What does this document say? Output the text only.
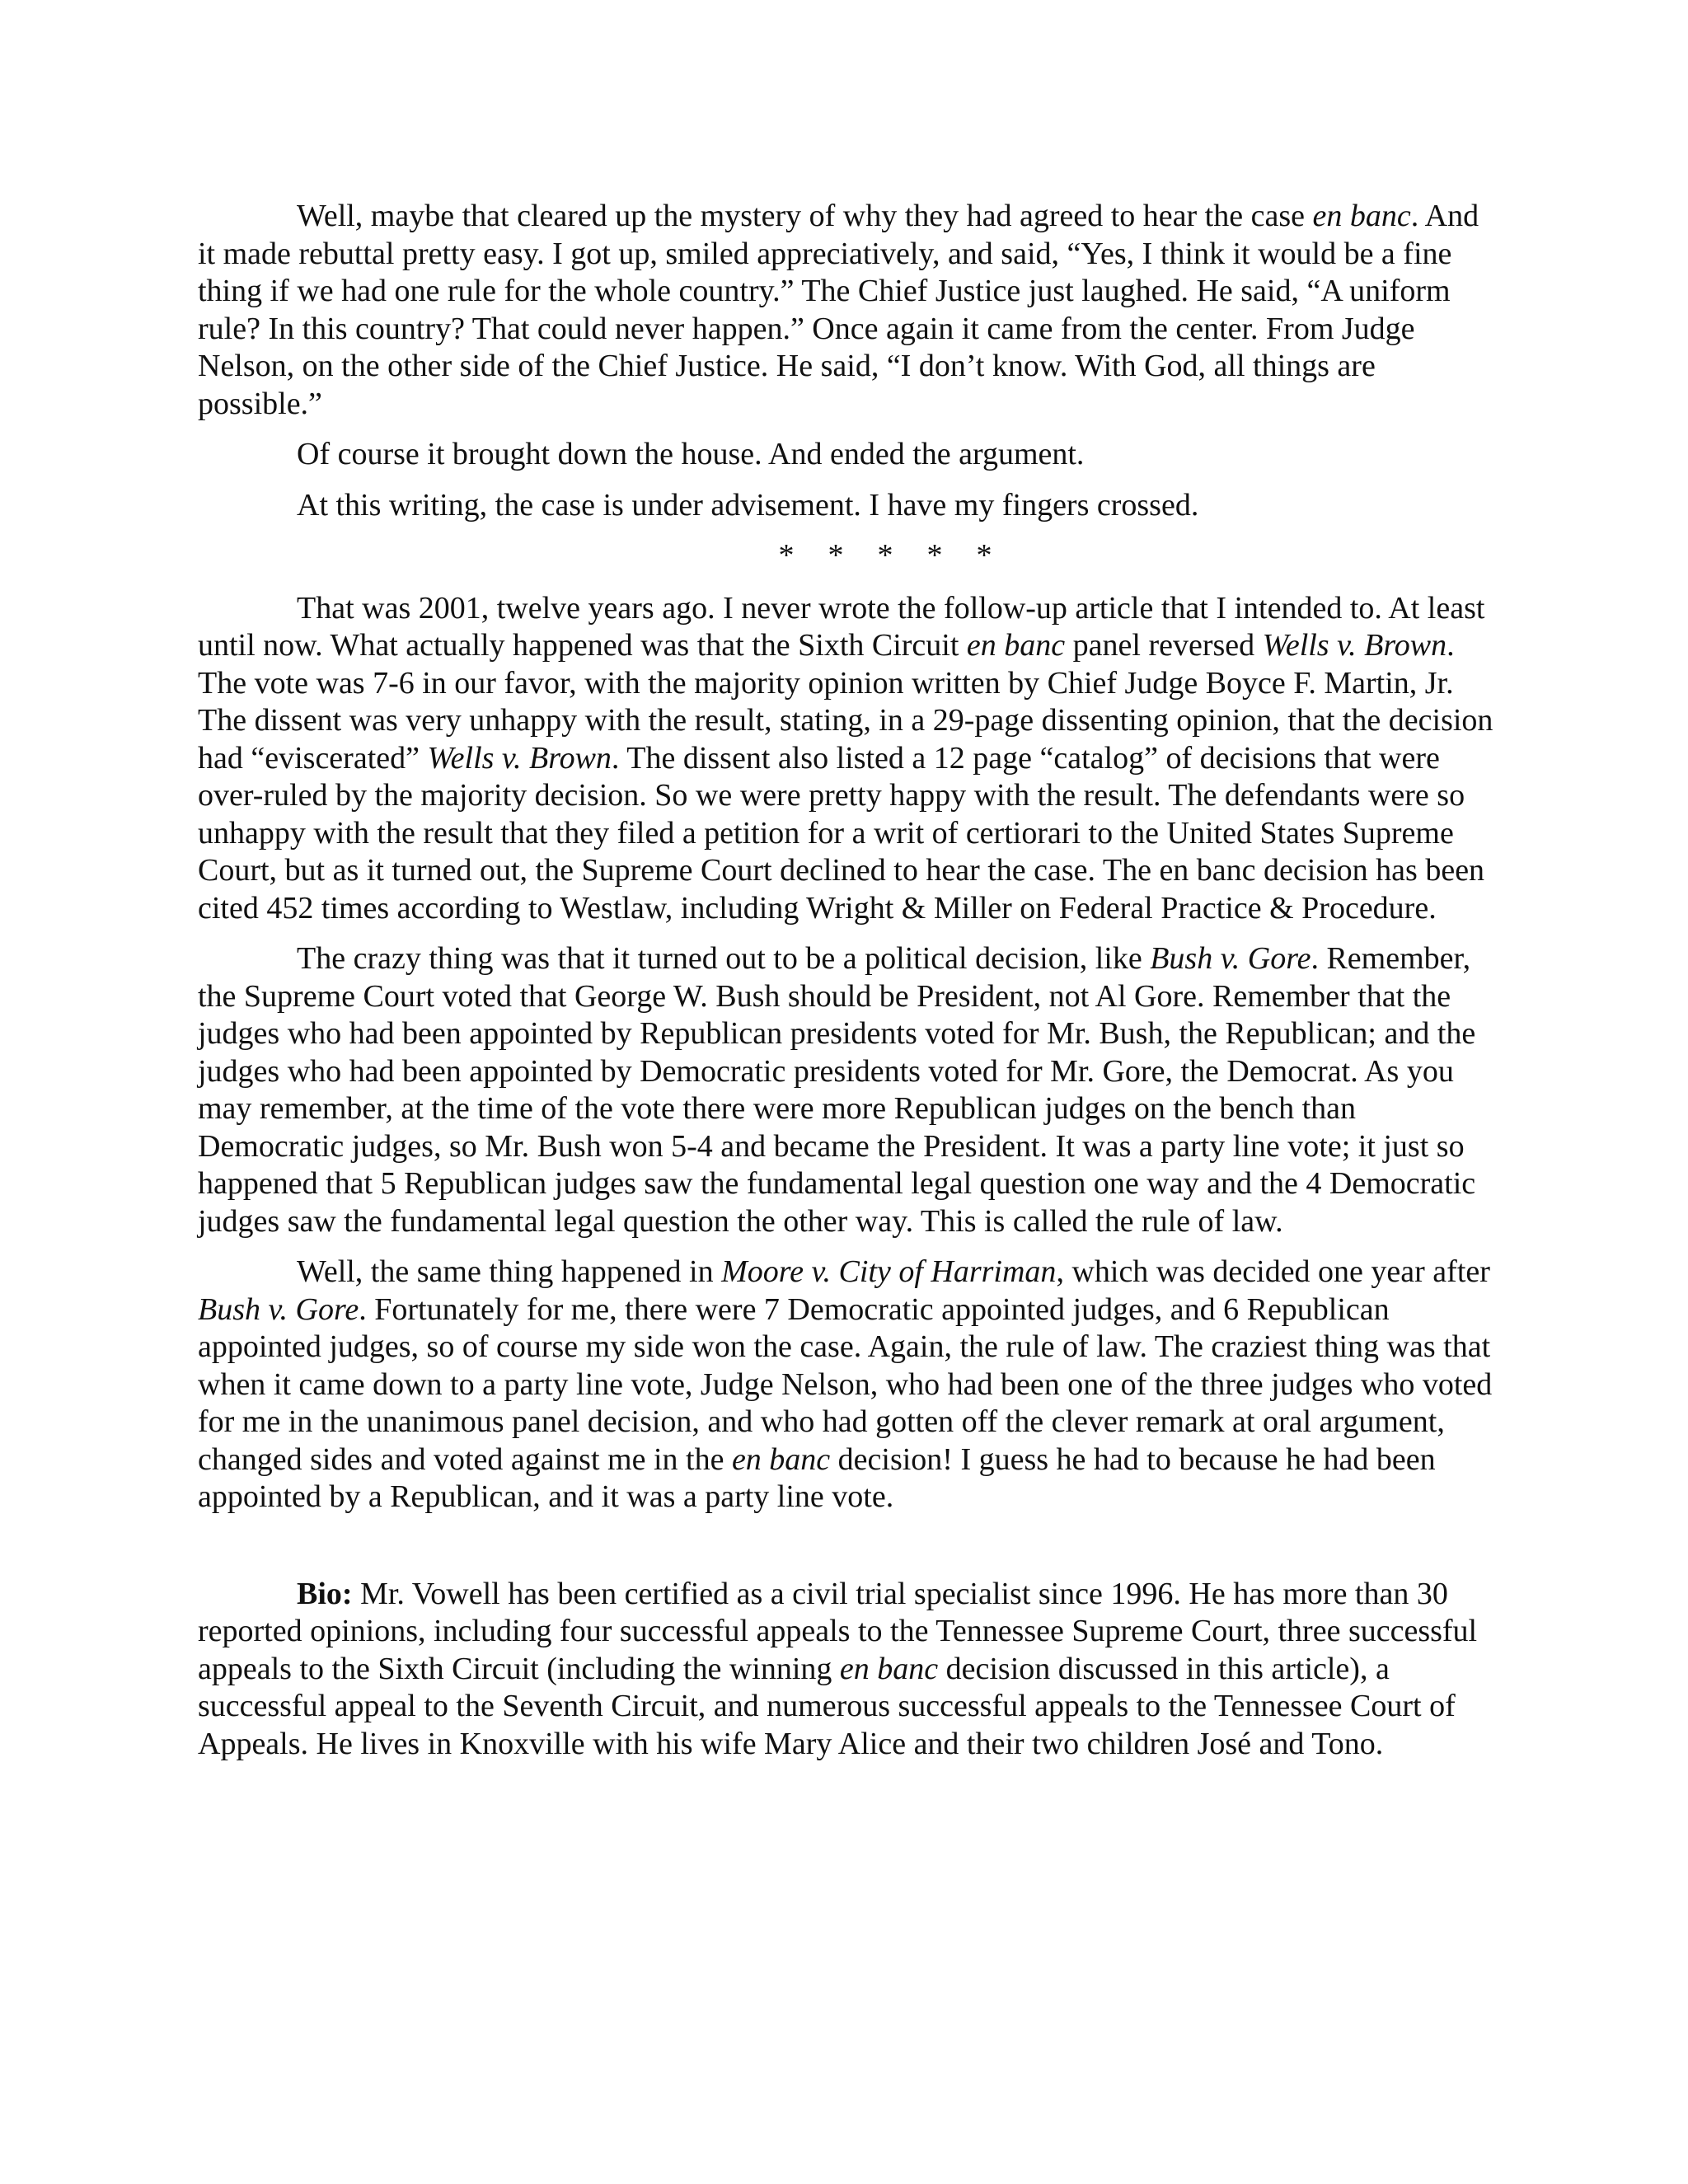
Well, maybe that cleared up the mystery of why they had agreed to hear the case en banc. And it made rebuttal pretty easy. I got up, smiled appreciatively, and said, “Yes, I think it would be a fine thing if we had one rule for the whole country.” The Chief Justice just laughed. He said, “A uniform rule? In this country? That could never happen.” Once again it came from the center. From Judge Nelson, on the other side of the Chief Justice. He said, “I don’t know. With God, all things are possible.”

Of course it brought down the house. And ended the argument.

At this writing, the case is under advisement. I have my fingers crossed.

* * * * *

That was 2001, twelve years ago. I never wrote the follow-up article that I intended to. At least until now. What actually happened was that the Sixth Circuit en banc panel reversed Wells v. Brown. The vote was 7-6 in our favor, with the majority opinion written by Chief Judge Boyce F. Martin, Jr. The dissent was very unhappy with the result, stating, in a 29-page dissenting opinion, that the decision had “eviscerated” Wells v. Brown. The dissent also listed a 12 page “catalog” of decisions that were over-ruled by the majority decision. So we were pretty happy with the result. The defendants were so unhappy with the result that they filed a petition for a writ of certiorari to the United States Supreme Court, but as it turned out, the Supreme Court declined to hear the case. The en banc decision has been cited 452 times according to Westlaw, including Wright & Miller on Federal Practice & Procedure.

The crazy thing was that it turned out to be a political decision, like Bush v. Gore. Remember, the Supreme Court voted that George W. Bush should be President, not Al Gore. Remember that the judges who had been appointed by Republican presidents voted for Mr. Bush, the Republican; and the judges who had been appointed by Democratic presidents voted for Mr. Gore, the Democrat. As you may remember, at the time of the vote there were more Republican judges on the bench than Democratic judges, so Mr. Bush won 5-4 and became the President. It was a party line vote; it just so happened that 5 Republican judges saw the fundamental legal question one way and the 4 Democratic judges saw the fundamental legal question the other way. This is called the rule of law.

Well, the same thing happened in Moore v. City of Harriman, which was decided one year after Bush v. Gore. Fortunately for me, there were 7 Democratic appointed judges, and 6 Republican appointed judges, so of course my side won the case. Again, the rule of law. The craziest thing was that when it came down to a party line vote, Judge Nelson, who had been one of the three judges who voted for me in the unanimous panel decision, and who had gotten off the clever remark at oral argument, changed sides and voted against me in the en banc decision! I guess he had to because he had been appointed by a Republican, and it was a party line vote.

Bio: Mr. Vowell has been certified as a civil trial specialist since 1996. He has more than 30 reported opinions, including four successful appeals to the Tennessee Supreme Court, three successful appeals to the Sixth Circuit (including the winning en banc decision discussed in this article), a successful appeal to the Seventh Circuit, and numerous successful appeals to the Tennessee Court of Appeals. He lives in Knoxville with his wife Mary Alice and their two children José and Tono.
